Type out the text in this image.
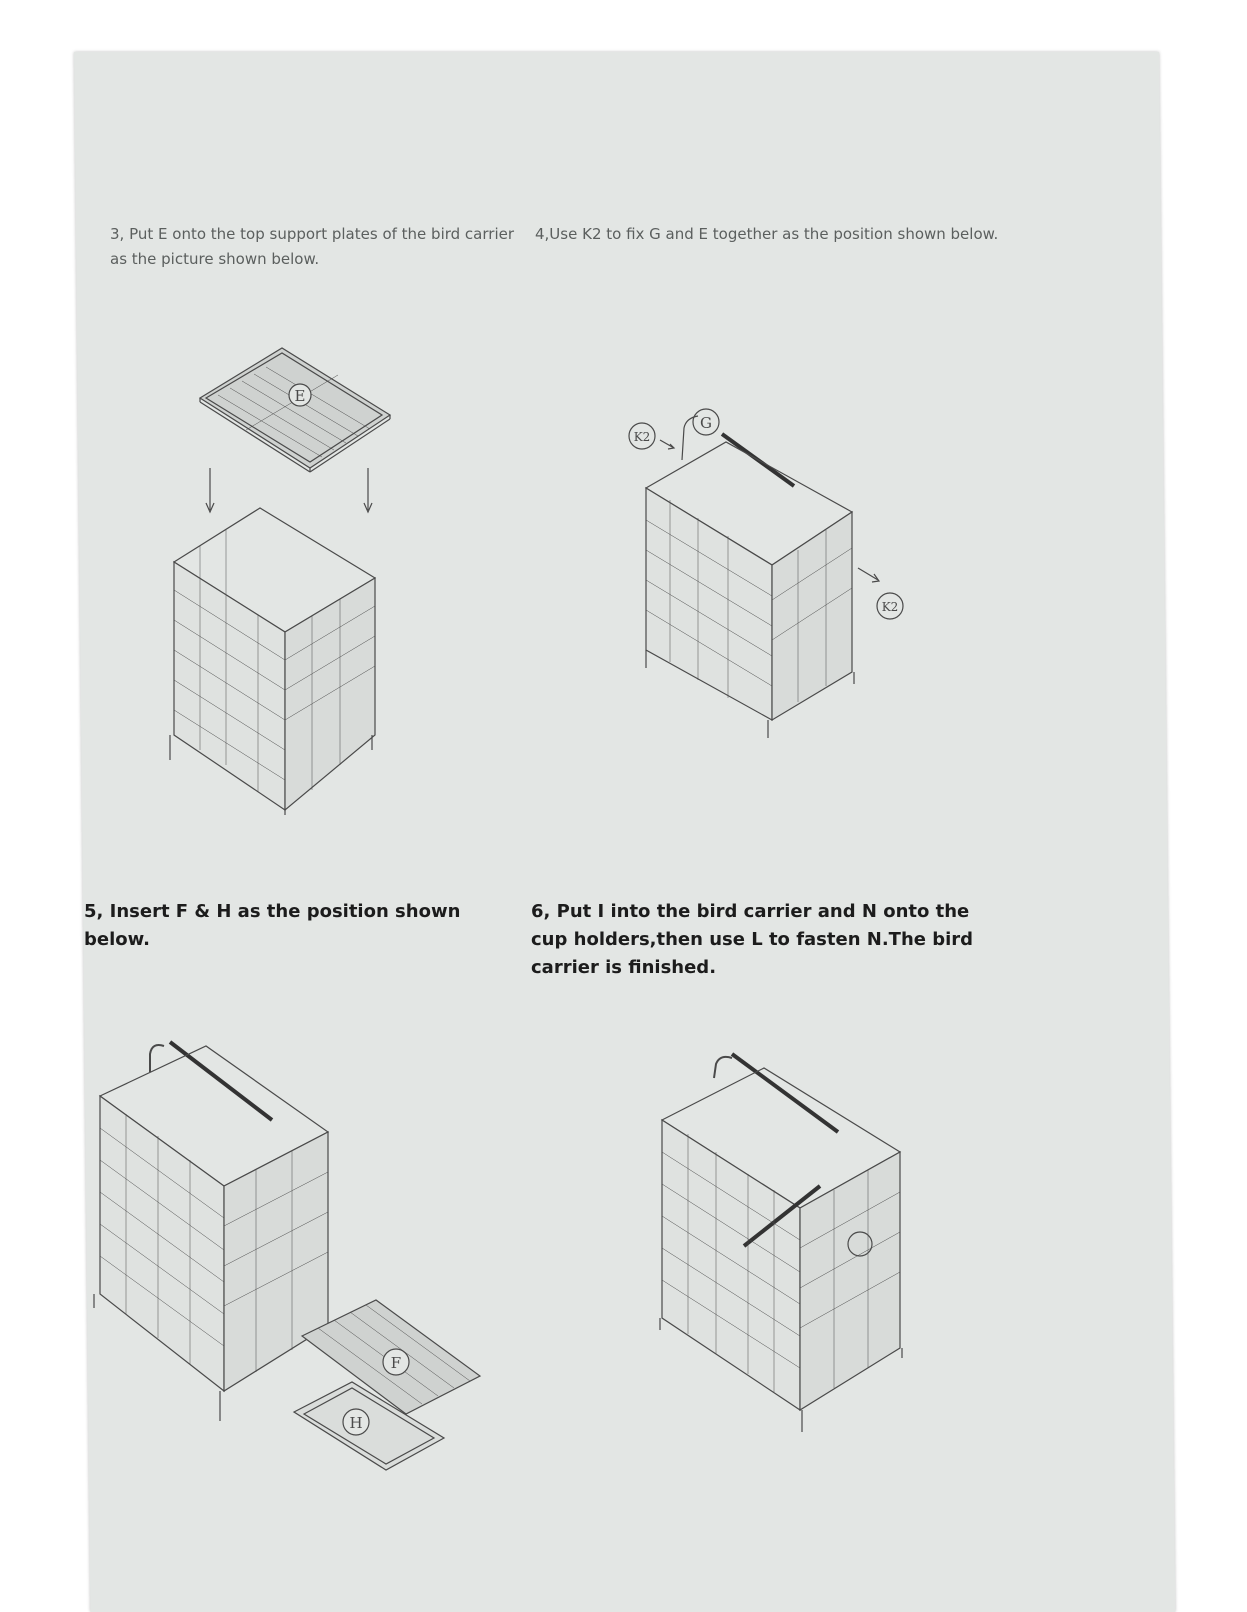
3, Put E onto the top support plates of the bird carrier as the picture shown below.

4,Use K2 to fix G and E together as the position shown below.

5, Insert F & H as the position shown below.

6, Put I into the bird carrier and N onto the cup holders,then use L to fasten N.The bird carrier is finished.

E
K2
G
K2
F
H
